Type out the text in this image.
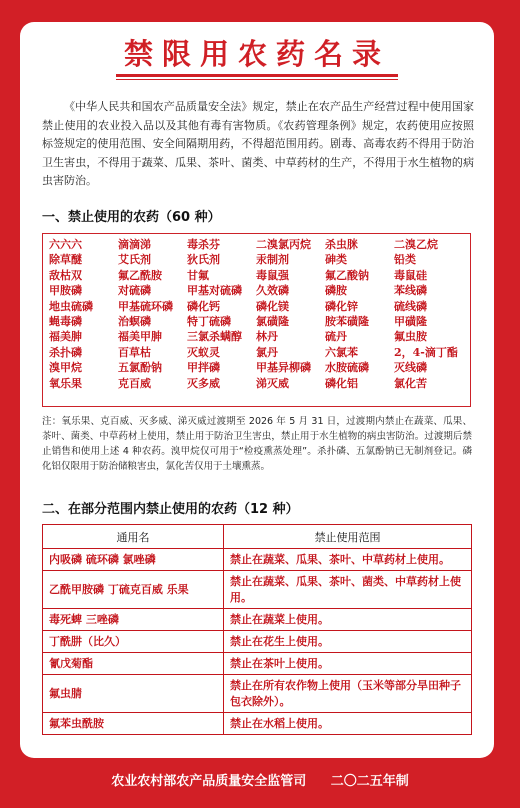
禁限用农药名录

《中华人民共和国农产品质量安全法》规定，禁止在农产品生产经营过程中使用国家禁止使用的农业投入品以及其他有毒有害物质。《农药管理条例》规定，农药使用应按照标签规定的使用范围、安全间隔期用药，不得超范围用药。剧毒、高毒农药不得用于防治卫生害虫，不得用于蔬菜、瓜果、茶叶、菌类、中草药材的生产，不得用于水生植物的病虫害防治。

一、禁止使用的农药（60 种）
六六六	滴滴涕	毒杀芬	二溴氯丙烷	杀虫脒	二溴乙烷
除草醚	艾氏剂	狄氏剂	汞制剂	砷类	铅类
敌枯双	氟乙酰胺	甘氟	毒鼠强	氟乙酸钠	毒鼠硅
甲胺磷	对硫磷	甲基对硫磷	久效磷	磷胺	苯线磷
地虫硫磷	甲基硫环磷	磷化钙	磷化镁	磷化锌	硫线磷
蝇毒磷	治螟磷	特丁硫磷	氯磺隆	胺苯磺隆	甲磺隆
福美胂	福美甲胂	三氯杀螨醇	林丹	硫丹	氟虫胺
杀扑磷	百草枯	灭蚁灵	氯丹	六氯苯	2，4-滴丁酯
溴甲烷	五氯酚钠	甲拌磷	甲基异柳磷	水胺硫磷	灭线磷
氧乐果	克百威	灭多威	涕灭威	磷化铝	氯化苦

注：氧乐果、克百威、灭多威、涕灭威过渡期至 2026 年 5 月 31 日，过渡期内禁止在蔬菜、瓜果、茶叶、菌类、中草药材上使用，禁止用于防治卫生害虫，禁止用于水生植物的病虫害防治。过渡期后禁止销售和使用上述 4 种农药。溴甲烷仅可用于“检疫熏蒸处理”。杀扑磷、五氯酚钠已无制剂登记。磷化铝仅限用于防治储粮害虫，氯化苦仅用于土壤熏蒸。

二、在部分范围内禁止使用的农药（12 种）
通用名	禁止使用范围
内吸磷 硫环磷 氯唑磷	禁止在蔬菜、瓜果、茶叶、中草药材上使用。
乙酰甲胺磷 丁硫克百威 乐果	禁止在蔬菜、瓜果、茶叶、菌类、中草药材上使用。
毒死蜱 三唑磷	禁止在蔬菜上使用。
丁酰肼（比久）	禁止在花生上使用。
氰戊菊酯	禁止在茶叶上使用。
氟虫腈	禁止在所有农作物上使用（玉米等部分旱田种子包衣除外）。
氟苯虫酰胺	禁止在水稻上使用。
农业农村部农产品质量安全监管司 二〇二五年制
